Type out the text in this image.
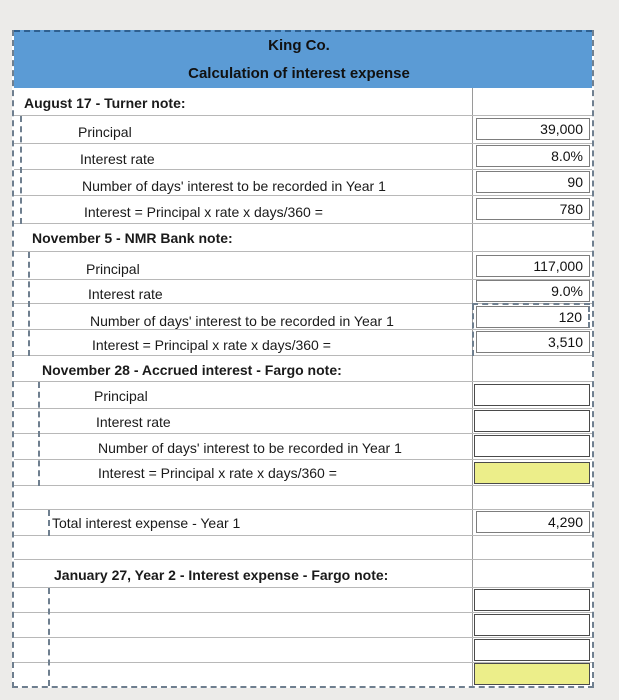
King Co.
Calculation of interest expense
August 17 - Turner note:
Principal	39,000
Interest rate	8.0%
Number of days' interest to be recorded in Year 1	90
Interest = Principal x rate x days/360 =	780
November 5 - NMR Bank note:
Principal	117,000
Interest rate	9.0%
Number of days' interest to be recorded in Year 1	120
Interest = Principal x rate x days/360 =	3,510
November 28 - Accrued interest - Fargo note:
Principal
Interest rate
Number of days' interest to be recorded in Year 1
Interest = Principal x rate x days/360 =
Total interest expense - Year 1	4,290
January 27, Year 2 - Interest expense - Fargo note:
